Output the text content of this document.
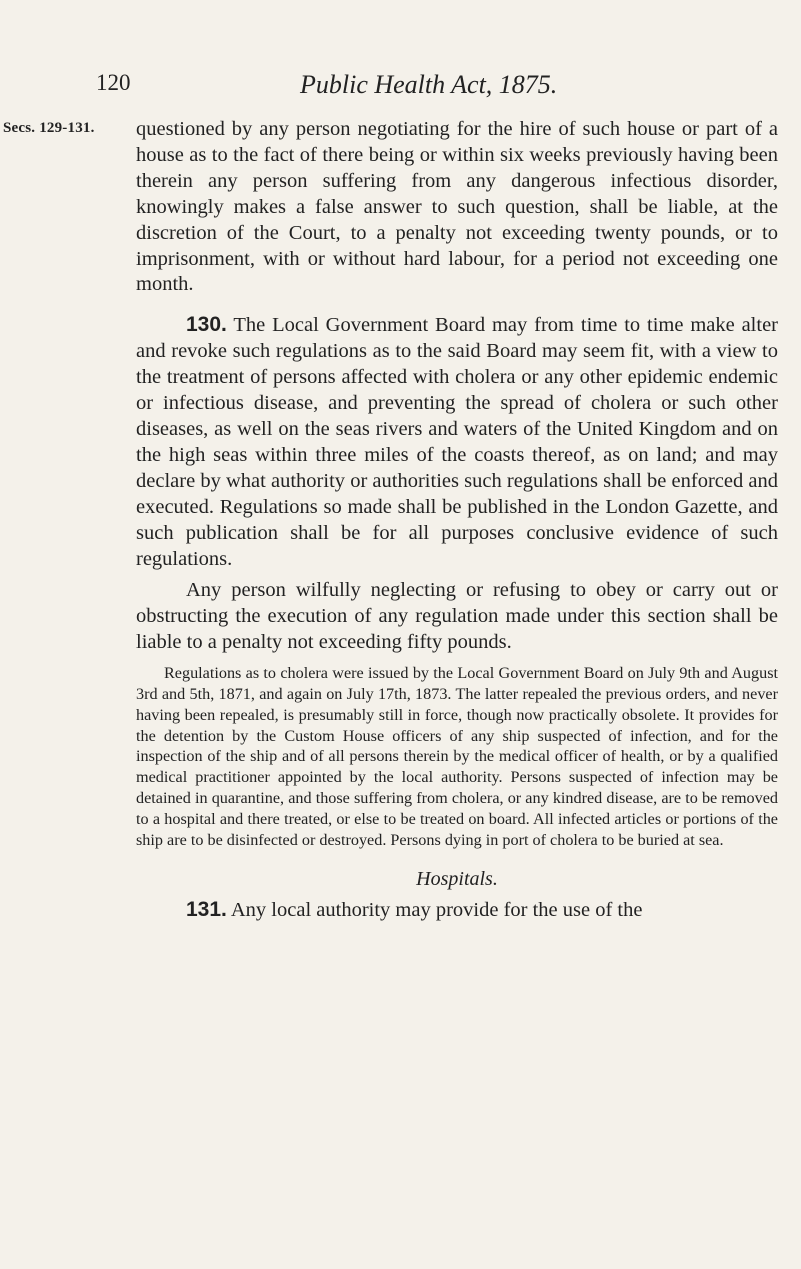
120	Public Health Act, 1875.
Secs. 129-131. questioned by any person negotiating for the hire of such house or part of a house as to the fact of there being or within six weeks previously having been therein any person suffering from any dangerous infectious disorder, knowingly makes a false answer to such question, shall be liable, at the discretion of the Court, to a penalty not exceeding twenty pounds, or to imprisonment, with or without hard labour, for a period not exceeding one month.

130. The Local Government Board may from time to time make alter and revoke such regulations as to the said Board may seem fit, with a view to the treatment of persons affected with cholera or any other epidemic endemic or infectious disease, and preventing the spread of cholera or such other diseases, as well on the seas rivers and waters of the United Kingdom and on the high seas within three miles of the coasts thereof, as on land; and may declare by what authority or authorities such regulations shall be enforced and executed. Regulations so made shall be published in the London Gazette, and such publication shall be for all purposes conclusive evidence of such regulations.

Any person wilfully neglecting or refusing to obey or carry out or obstructing the execution of any regulation made under this section shall be liable to a penalty not exceeding fifty pounds.

Regulations as to cholera were issued by the Local Government Board on July 9th and August 3rd and 5th, 1871, and again on July 17th, 1873. The latter repealed the previous orders, and never having been repealed, is presumably still in force, though now practically obsolete. It provides for the detention by the Custom House officers of any ship suspected of infection, and for the inspection of the ship and of all persons therein by the medical officer of health, or by a qualified medical practitioner appointed by the local authority. Persons suspected of infection may be detained in quarantine, and those suffering from cholera, or any kindred disease, are to be removed to a hospital and there treated, or else to be treated on board. All infected articles or portions of the ship are to be disinfected or destroyed. Persons dying in port of cholera to be buried at sea.

Hospitals.

131. Any local authority may provide for the use of the
